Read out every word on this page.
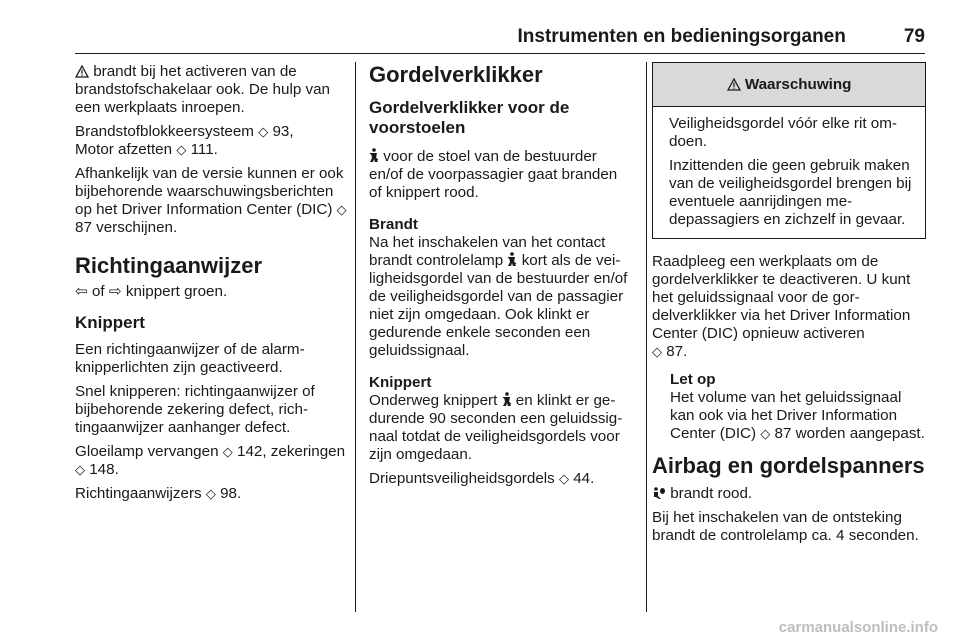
Instrumenten en bedieningsorganen	79

brandt bij het activeren van de brandstofschakelaar ook. De hulp van een werkplaats inroepen.

Brandstofblokkeersysteem ◇ 93,
Motor afzetten ◇ 111.

Afhankelijk van de versie kunnen er ook bijbehorende waarschuwingsberichten op het Driver Information Center (DIC) ◇ 87 verschijnen.

Richtingaanwijzer

⇦ of ⇨ knippert groen.

Knippert

Een richtingaanwijzer of de alarmknipperlichten zijn geactiveerd.

Snel knipperen: richtingaanwijzer of bijbehorende zekering defect, richtingaanwijzer aanhanger defect.

Gloeilamp vervangen ◇ 142, zekeringen ◇ 148.

Richtingaanwijzers ◇ 98.

Gordelverklikker
Gordelverklikker voor de voorstoelen

voor de stoel van de bestuurder en/of de voorpassagier gaat branden of knippert rood.

Brandt

Na het inschakelen van het contact brandt controlelamp kort als de veiligheidsgordel van de bestuurder en/of de veiligheidsgordel van de passagier niet zijn omgedaan. Ook klinkt er gedurende enkele seconden een geluidssignaal.

Knippert

Onderweg knippert en klinkt er gedurende 90 seconden een geluidssignaal totdat de veiligheidsgordels voor zijn omgedaan.

Driepuntsveiligheidsgordels ◇ 44.

Waarschuwing

Veiligheidsgordel vóór elke rit omdoen.

Inzittenden die geen gebruik maken van de veiligheidsgordel brengen bij eventuele aanrijdingen medepassagiers en zichzelf in gevaar.

Raadpleeg een werkplaats om de gordelverklikker te deactiveren. U kunt het geluidssignaal voor de gordelverklikker via het Driver Information Center (DIC) opnieuw activeren
◇ 87.

Let op
Het volume van het geluidssignaal kan ook via het Driver Information Center (DIC) ◇ 87 worden aangepast.
Airbag en gordelspanners

brandt rood.

Bij het inschakelen van de ontsteking brandt de controlelamp ca. 4 seconden.

carmanualsonline.info
